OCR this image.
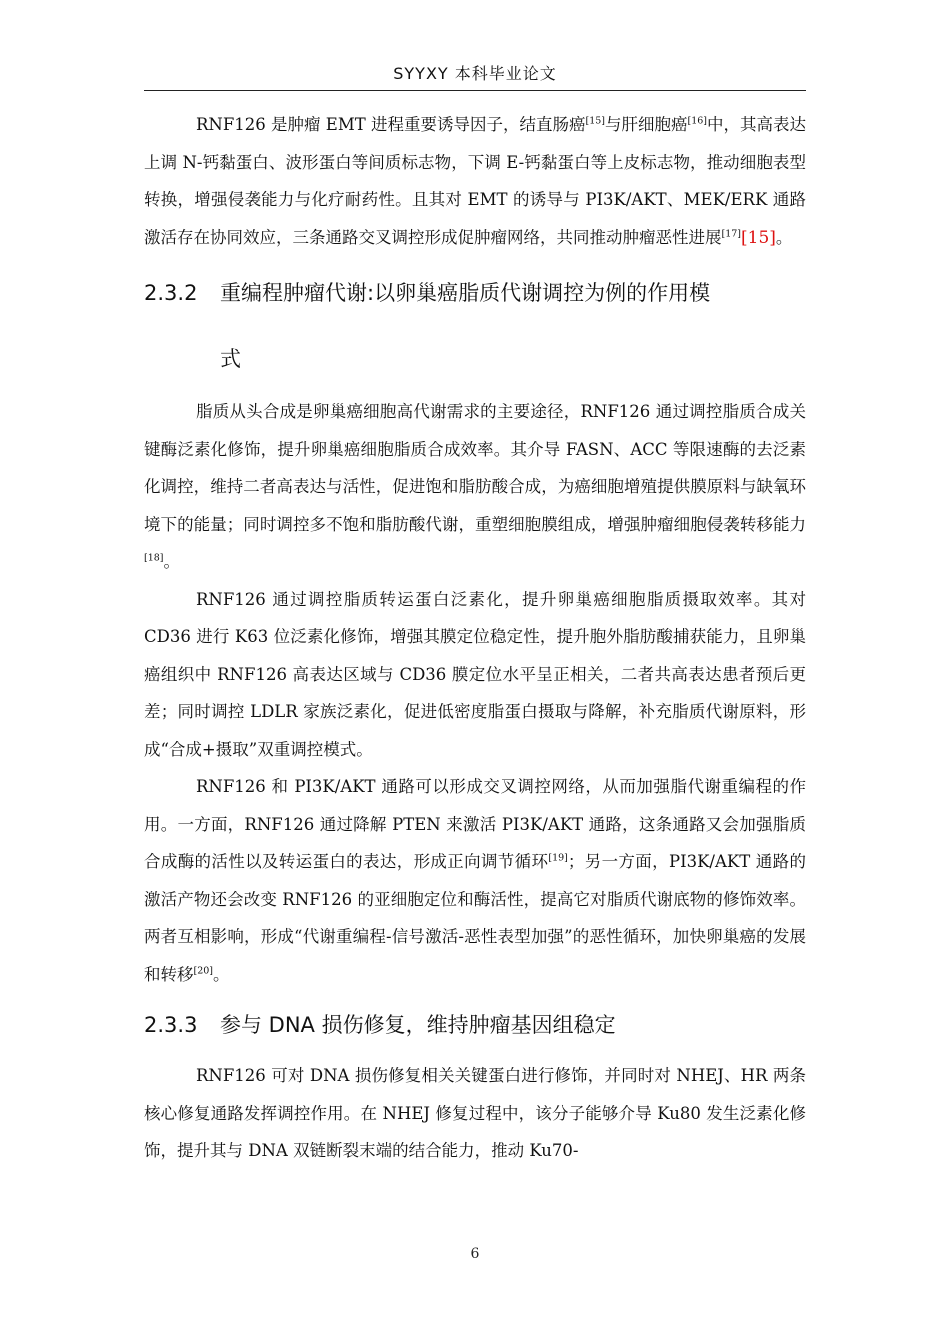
SYYXY 本科毕业论文

RNF126 是肿瘤 EMT 进程重要诱导因子，结直肠癌[15]与肝细胞癌[16]中，其高表达上调 N-钙黏蛋白、波形蛋白等间质标志物，下调 E-钙黏蛋白等上皮标志物，推动细胞表型转换，增强侵袭能力与化疗耐药性。且其对 EMT 的诱导与 PI3K/AKT、MEK/ERK 通路激活存在协同效应，三条通路交叉调控形成促肿瘤网络，共同推动肿瘤恶性进展[17][15]。

2.3.2 重编程肿瘤代谢:以卵巢癌脂质代谢调控为例的作用模
式

脂质从头合成是卵巢癌细胞高代谢需求的主要途径，RNF126 通过调控脂质合成关键酶泛素化修饰，提升卵巢癌细胞脂质合成效率。其介导 FASN、ACC 等限速酶的去泛素化调控，维持二者高表达与活性，促进饱和脂肪酸合成，为癌细胞增殖提供膜原料与缺氧环境下的能量；同时调控多不饱和脂肪酸代谢，重塑细胞膜组成，增强肿瘤细胞侵袭转移能力[18]。

RNF126 通过调控脂质转运蛋白泛素化，提升卵巢癌细胞脂质摄取效率。其对 CD36 进行 K63 位泛素化修饰，增强其膜定位稳定性，提升胞外脂肪酸捕获能力，且卵巢癌组织中 RNF126 高表达区域与 CD36 膜定位水平呈正相关，二者共高表达患者预后更差；同时调控 LDLR 家族泛素化，促进低密度脂蛋白摄取与降解，补充脂质代谢原料，形成“合成+摄取”双重调控模式。

RNF126 和 PI3K/AKT 通路可以形成交叉调控网络，从而加强脂代谢重编程的作用。一方面，RNF126 通过降解 PTEN 来激活 PI3K/AKT 通路，这条通路又会加强脂质合成酶的活性以及转运蛋白的表达，形成正向调节循环[19]；另一方面，PI3K/AKT 通路的激活产物还会改变 RNF126 的亚细胞定位和酶活性，提高它对脂质代谢底物的修饰效率。两者互相影响，形成“代谢重编程-信号激活-恶性表型加强”的恶性循环，加快卵巢癌的发展和转移[20]。

2.3.3 参与 DNA 损伤修复，维持肿瘤基因组稳定

RNF126 可对 DNA 损伤修复相关关键蛋白进行修饰，并同时对 NHEJ、HR 两条核心修复通路发挥调控作用。在 NHEJ 修复过程中，该分子能够介导 Ku80 发生泛素化修饰，提升其与 DNA 双链断裂末端的结合能力，推动 Ku70-

6
